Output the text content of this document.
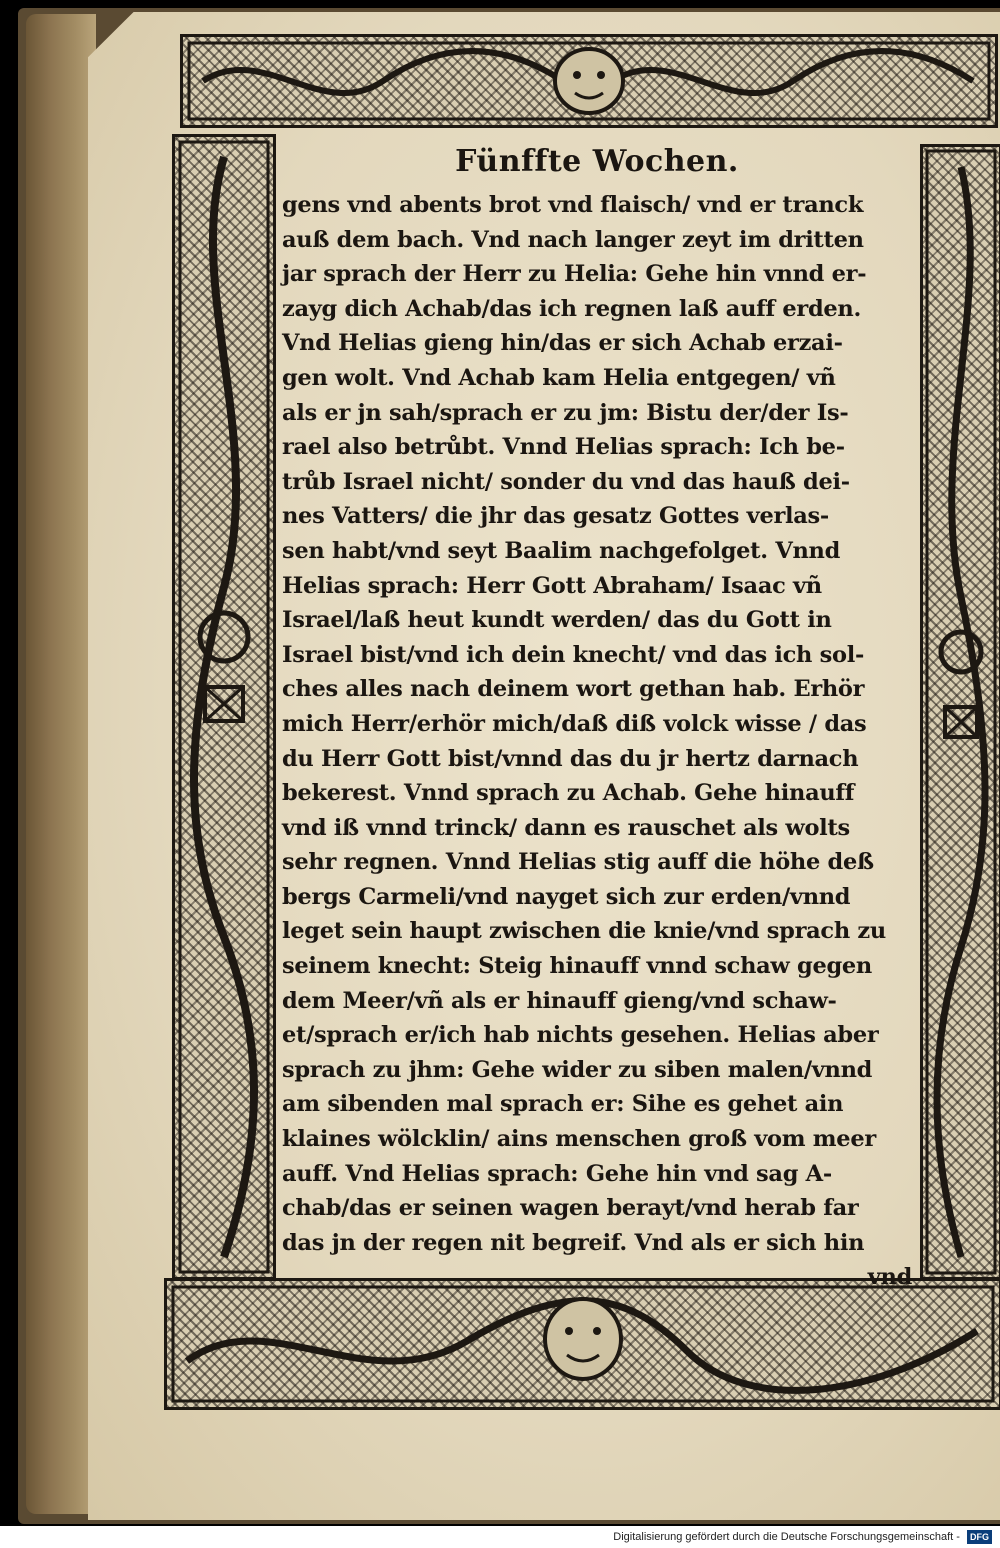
Fünffte Wochen.
gens vnd abents brot vnd flaisch/ vnd er tranck
auß dem bach. Vnd nach langer zeyt im dritten
jar sprach der Herr zu Helia: Gehe hin vnnd er-
zayg dich Achab/das ich regnen laß auff erden.
Vnd Helias gieng hin/das er sich Achab erzai-
gen wolt. Vnd Achab kam Helia entgegen/ vñ
als er jn sah/sprach er zu jm: Bistu der/der Is-
rael also betrůbt. Vnnd Helias sprach: Ich be-
trůb Israel nicht/ sonder du vnd das hauß dei-
nes Vatters/ die jhr das gesatz Gottes verlas-
sen habt/vnd seyt Baalim nachgefolget. Vnnd
Helias sprach: Herr Gott Abraham/ Isaac vñ
Israel/laß heut kundt werden/ das du Gott in
Israel bist/vnd ich dein knecht/ vnd das ich sol-
ches alles nach deinem wort gethan hab. Erhör
mich Herr/erhör mich/daß diß volck wisse / das
du Herr Gott bist/vnnd das du jr hertz darnach
bekerest. Vnnd sprach zu Achab. Gehe hinauff
vnd iß vnnd trinck/ dann es rauschet als wolts
sehr regnen. Vnnd Helias stig auff die höhe deß
bergs Carmeli/vnd nayget sich zur erden/vnnd
leget sein haupt zwischen die knie/vnd sprach zu
seinem knecht: Steig hinauff vnnd schaw gegen
dem Meer/vñ als er hinauff gieng/vnd schaw-
et/sprach er/ich hab nichts gesehen. Helias aber
sprach zu jhm: Gehe wider zu siben malen/vnnd
am sibenden mal sprach er: Sihe es gehet ain
klaines wölcklin/ ains menschen groß vom meer
auff. Vnd Helias sprach: Gehe hin vnd sag A-
chab/das er seinen wagen berayt/vnd herab far
das jn der regen nit begreif. Vnd als er sich hin
vnd
Digitalisierung gefördert durch die Deutsche Forschungsgemeinschaft - DFG
